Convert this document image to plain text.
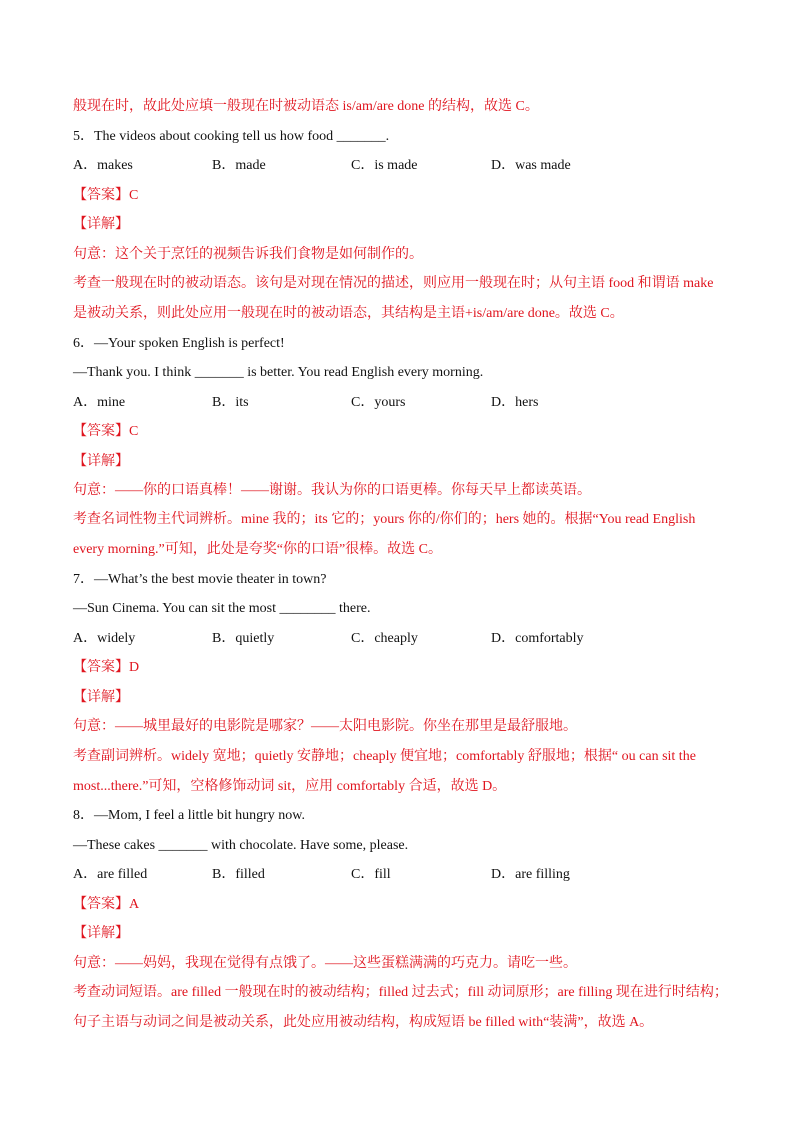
般现在时，故此处应填一般现在时被动语态 is/am/are done 的结构，故选 C。
5．The videos about cooking tell us how food _______.
A．makes	B．made	C．is made	D．was made
【答案】C
【详解】
句意：这个关于烹饪的视频告诉我们食物是如何制作的。
考查一般现在时的被动语态。该句是对现在情况的描述，则应用一般现在时；从句主语 food 和谓语 make
是被动关系，则此处应用一般现在时的被动语态，其结构是主语+is/am/are done。故选 C。
6．—Your spoken English is perfect!
—Thank you. I think _______ is better. You read English every morning.
A．mine	B．its	C．yours	D．hers
【答案】C
【详解】
句意：——你的口语真棒！——谢谢。我认为你的口语更棒。你每天早上都读英语。
考查名词性物主代词辨析。mine 我的；its 它的；yours 你的/你们的；hers 她的。根据“You read English
every morning.”可知，此处是夸奖“你的口语”很棒。故选 C。
7．—What’s the best movie theater in town?
—Sun Cinema. You can sit the most ________ there.
A．widely	B．quietly	C．cheaply	D．comfortably
【答案】D
【详解】
句意：——城里最好的电影院是哪家？——太阳电影院。你坐在那里是最舒服地。
考查副词辨析。widely 宽地；quietly 安静地；cheaply 便宜地；comfortably 舒服地；根据“ ou can sit the
most...there.”可知，空格修饰动词 sit，应用 comfortably 合适，故选 D。
8．—Mom, I feel a little bit hungry now.
—These cakes _______ with chocolate. Have some, please.
A．are filled	B．filled	C．fill	D．are filling
【答案】A
【详解】
句意：——妈妈，我现在觉得有点饿了。——这些蛋糕满满的巧克力。请吃一些。
考查动词短语。are filled 一般现在时的被动结构；filled 过去式；fill 动词原形；are filling 现在进行时结构；
句子主语与动词之间是被动关系，此处应用被动结构，构成短语 be filled with“装满”，故选 A。
